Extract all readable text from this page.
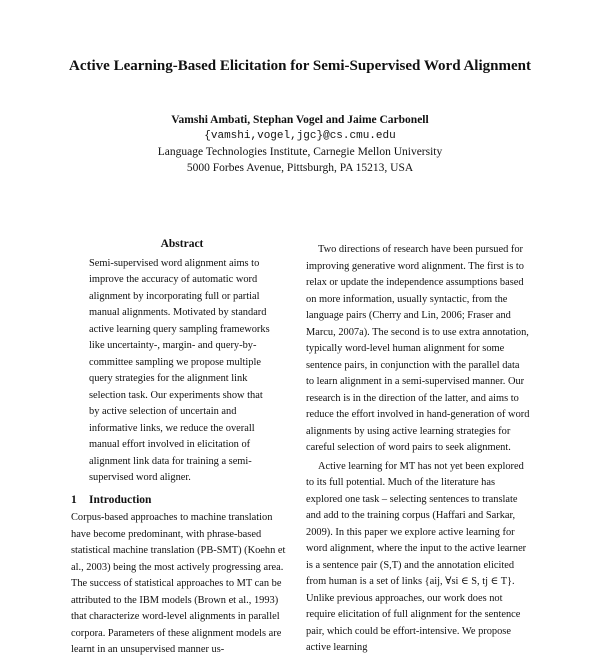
Active Learning-Based Elicitation for Semi-Supervised Word Alignment
Vamshi Ambati, Stephan Vogel and Jaime Carbonell
{vamshi,vogel,jgc}@cs.cmu.edu
Language Technologies Institute, Carnegie Mellon University
5000 Forbes Avenue, Pittsburgh, PA 15213, USA
Abstract

Semi-supervised word alignment aims to improve the accuracy of automatic word alignment by incorporating full or partial manual alignments. Motivated by standard active learning query sampling frameworks like uncertainty-, margin- and query-by-committee sampling we propose multiple query strategies for the alignment link selection task. Our experiments show that by active selection of uncertain and informative links, we reduce the overall manual effort involved in elicitation of alignment link data for training a semi-supervised word aligner.

1 Introduction

Corpus-based approaches to machine translation have become predominant, with phrase-based statistical machine translation (PB-SMT) (Koehn et al., 2003) being the most actively progressing area. The success of statistical approaches to MT can be attributed to the IBM models (Brown et al., 1993) that characterize word-level alignments in parallel corpora. Parameters of these alignment models are learnt in an unsupervised manner us-

Two directions of research have been pursued for improving generative word alignment. The first is to relax or update the independence assumptions based on more information, usually syntactic, from the language pairs (Cherry and Lin, 2006; Fraser and Marcu, 2007a). The second is to use extra annotation, typically word-level human alignment for some sentence pairs, in conjunction with the parallel data to learn alignment in a semi-supervised manner. Our research is in the direction of the latter, and aims to reduce the effort involved in hand-generation of word alignments by using active learning strategies for careful selection of word pairs to seek alignment.

Active learning for MT has not yet been explored to its full potential. Much of the literature has explored one task – selecting sentences to translate and add to the training corpus (Haffari and Sarkar, 2009). In this paper we explore active learning for word alignment, where the input to the active learner is a sentence pair (S,T) and the annotation elicited from human is a set of links {aij, ∀si ∈ S, tj ∈ T}. Unlike previous approaches, our work does not require elicitation of full alignment for the sentence pair, which could be effort-intensive. We propose active learning
